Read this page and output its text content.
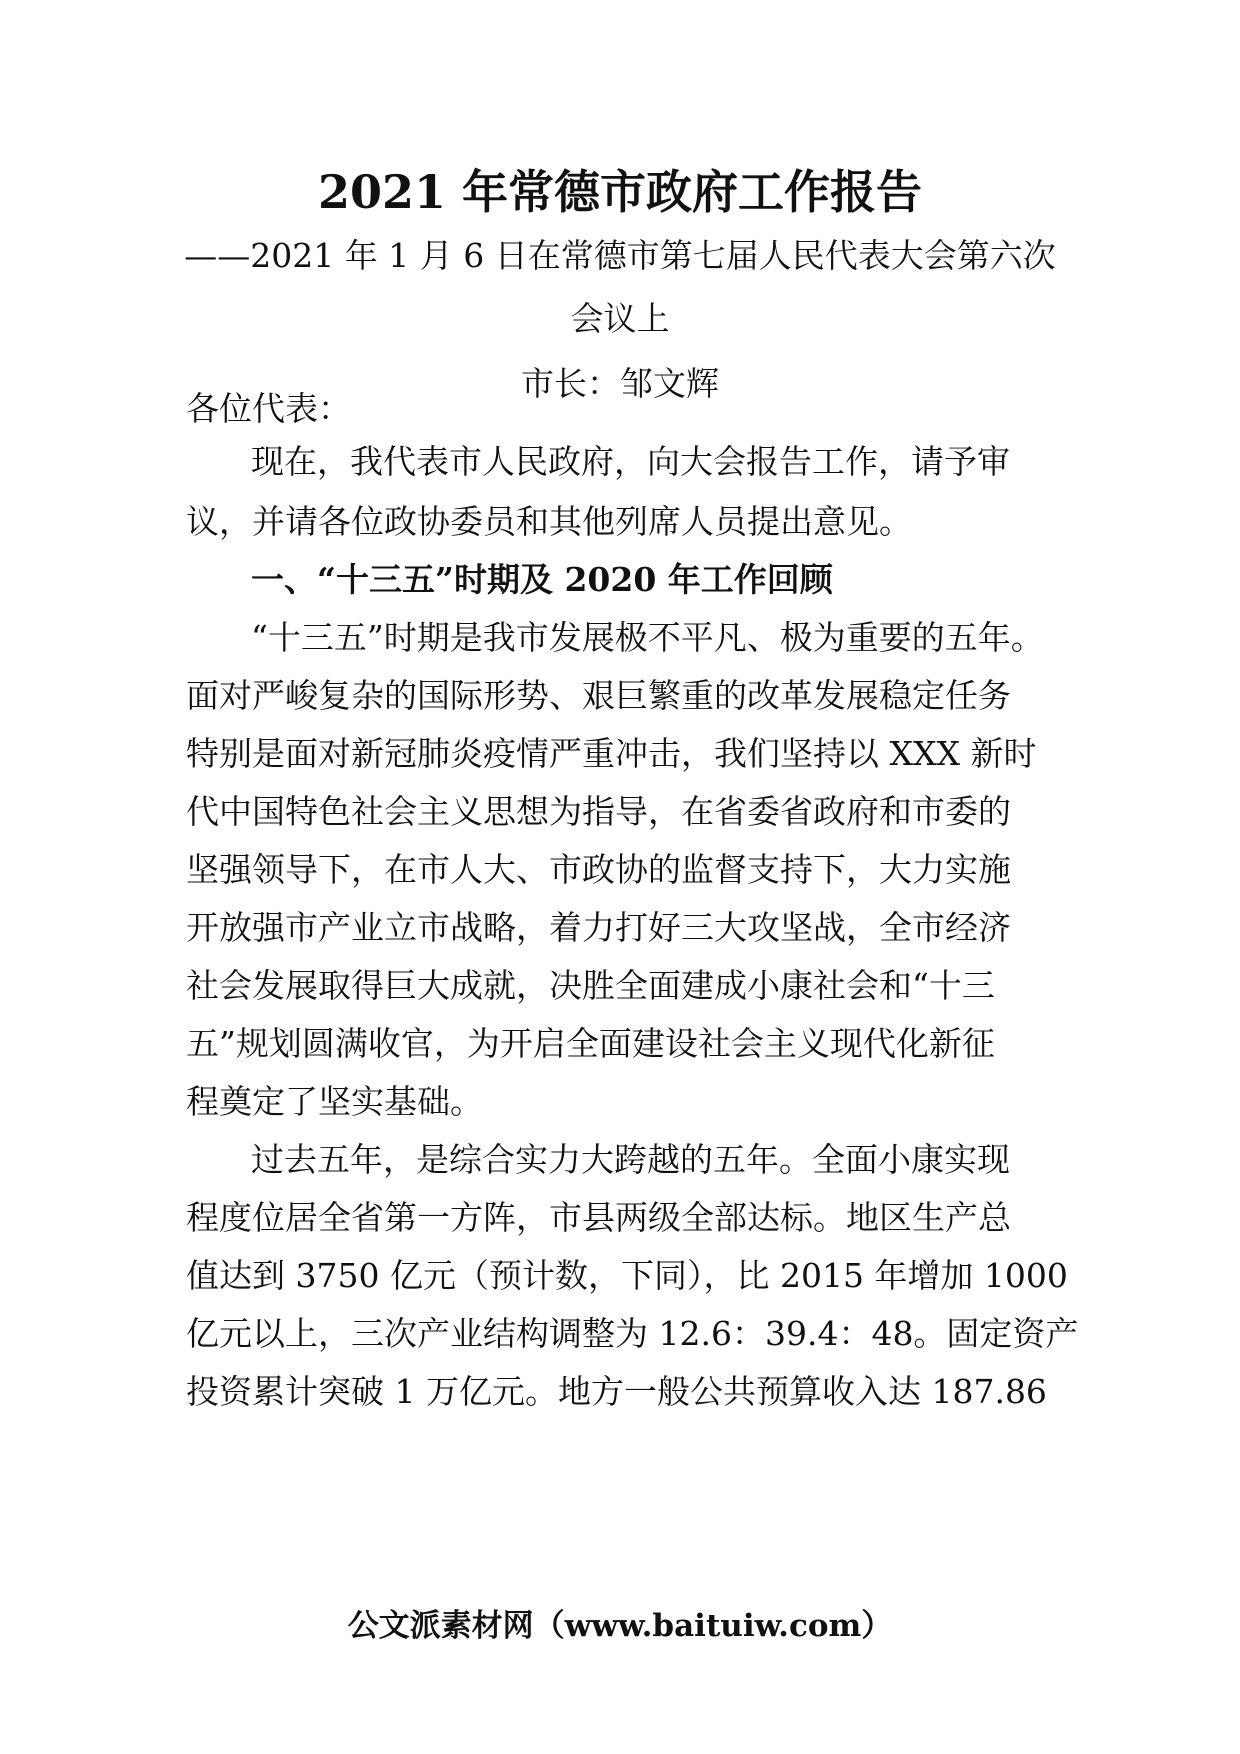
2021 年常德市政府工作报告
——2021 年 1 月 6 日在常德市第七届人民代表大会第六次
会议上
市长：邹文辉
各位代表：
现在，我代表市人民政府，向大会报告工作，请予审
议，并请各位政协委员和其他列席人员提出意见。
一、“十三五”时期及 2020 年工作回顾
“十三五”时期是我市发展极不平凡、极为重要的五年。
面对严峻复杂的国际形势、艰巨繁重的改革发展稳定任务
特别是面对新冠肺炎疫情严重冲击，我们坚持以 XXX 新时
代中国特色社会主义思想为指导，在省委省政府和市委的
坚强领导下，在市人大、市政协的监督支持下，大力实施
开放强市产业立市战略，着力打好三大攻坚战，全市经济
社会发展取得巨大成就，决胜全面建成小康社会和“十三
五”规划圆满收官，为开启全面建设社会主义现代化新征
程奠定了坚实基础。
过去五年，是综合实力大跨越的五年。全面小康实现
程度位居全省第一方阵，市县两级全部达标。地区生产总
值达到 3750 亿元（预计数，下同），比 2015 年增加 1000
亿元以上，三次产业结构调整为 12.6：39.4：48。固定资产
投资累计突破 1 万亿元。地方一般公共预算收入达 187.86
公文派素材网（www.baituiw.com）
